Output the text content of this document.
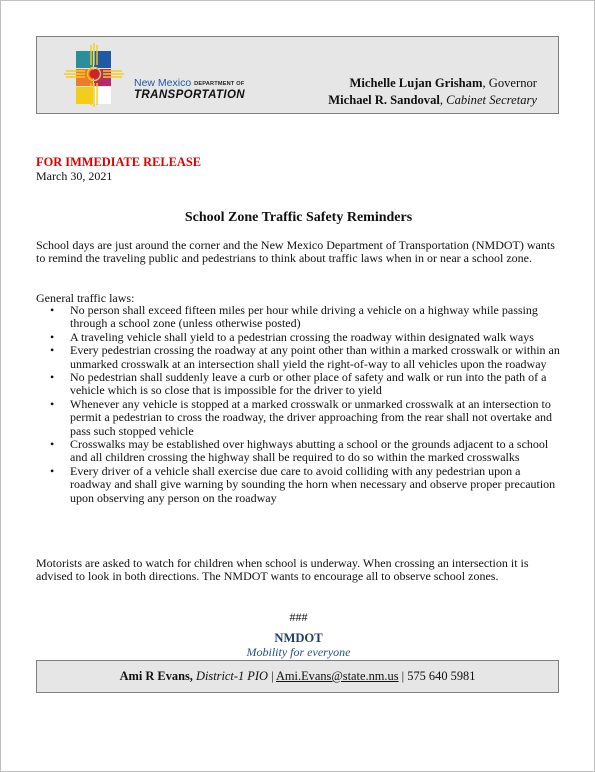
New Mexico DEPARTMENT OF
TRANSPORTATION
Michelle Lujan Grisham, Governor
Michael R. Sandoval, Cabinet Secretary
FOR IMMEDIATE RELEASE
March 30, 2021
School Zone Traffic Safety Reminders
School days are just around the corner and the New Mexico Department of Transportation (NMDOT) wants to remind the traveling public and pedestrians to think about traffic laws when in or near a school zone.
General traffic laws:
• No person shall exceed fifteen miles per hour while driving a vehicle on a highway while passing through a school zone (unless otherwise posted)
• A traveling vehicle shall yield to a pedestrian crossing the roadway within designated walk ways
• Every pedestrian crossing the roadway at any point other than within a marked crosswalk or within an unmarked crosswalk at an intersection shall yield the right-of-way to all vehicles upon the roadway
• No pedestrian shall suddenly leave a curb or other place of safety and walk or run into the path of a vehicle which is so close that is impossible for the driver to yield
• Whenever any vehicle is stopped at a marked crosswalk or unmarked crosswalk at an intersection to permit a pedestrian to cross the roadway, the driver approaching from the rear shall not overtake and pass such stopped vehicle
• Crosswalks may be established over highways abutting a school or the grounds adjacent to a school and all children crossing the highway shall be required to do so within the marked crosswalks
• Every driver of a vehicle shall exercise due care to avoid colliding with any pedestrian upon a roadway and shall give warning by sounding the horn when necessary and observe proper precaution upon observing any person on the roadway
Motorists are asked to watch for children when school is underway. When crossing an intersection it is advised to look in both directions. The NMDOT wants to encourage all to observe school zones.
###
NMDOT
Mobility for everyone
Ami R Evans, District-1 PIO | Ami.Evans@state.nm.us | 575 640 5981
